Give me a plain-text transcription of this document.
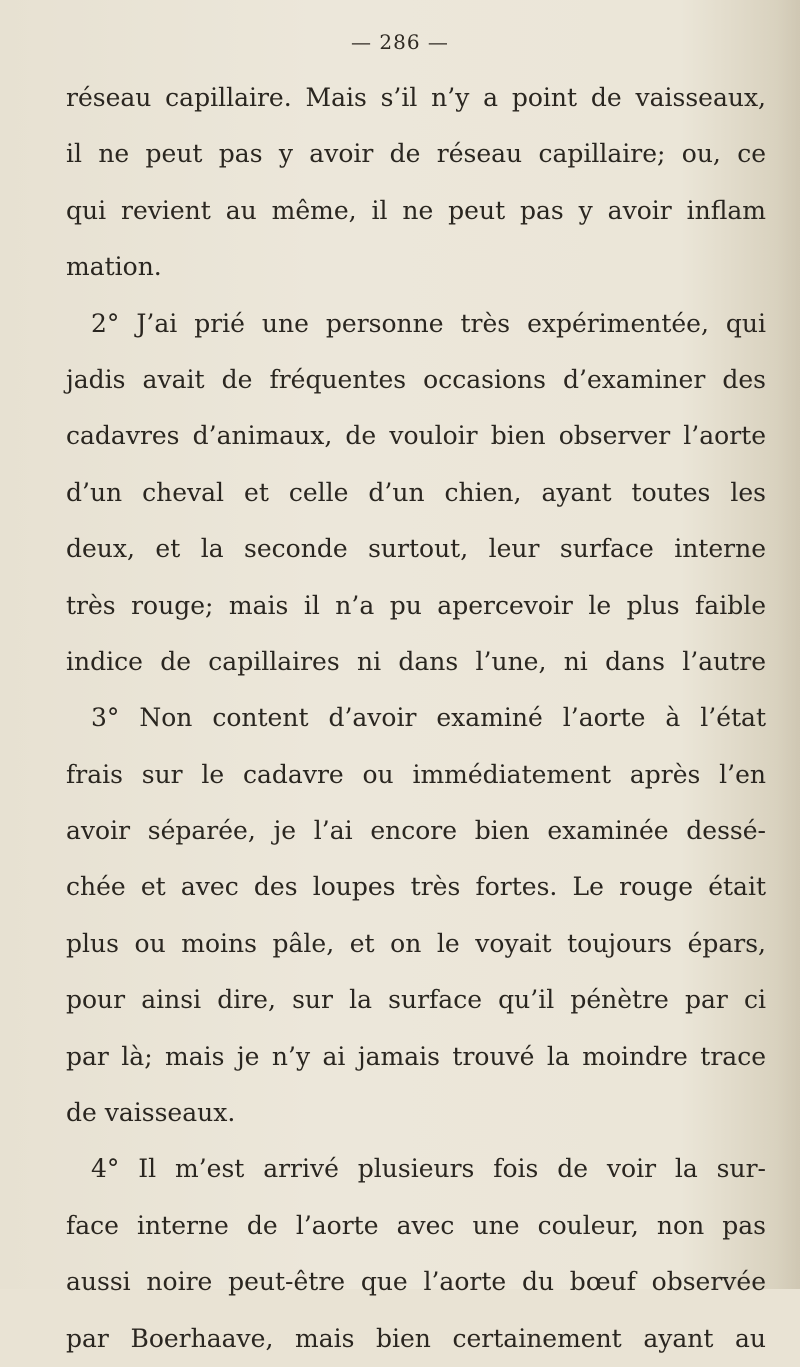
— 286 —
réseau capillaire. Mais s’il n’y a point de vaisseaux,
il ne peut pas y avoir de réseau capillaire; ou, ce
qui revient au même, il ne peut pas y avoir inflam
mation.
2° J’ai prié une personne très expérimentée, qui
jadis avait de fréquentes occasions d’examiner des
cadavres d’animaux, de vouloir bien observer l’aorte
d’un cheval et celle d’un chien, ayant toutes les
deux, et la seconde surtout, leur surface interne
très rouge; mais il n’a pu apercevoir le plus faible
indice de capillaires ni dans l’une, ni dans l’autre
3° Non content d’avoir examiné l’aorte à l’état
frais sur le cadavre ou immédiatement après l’en
avoir séparée, je l’ai encore bien examinée dessé-
chée et avec des loupes très fortes. Le rouge était
plus ou moins pâle, et on le voyait toujours épars,
pour ainsi dire, sur la surface qu’il pénètre par ci
par là; mais je n’y ai jamais trouvé la moindre trace
de vaisseaux.
4° Il m’est arrivé plusieurs fois de voir la sur-
face interne de l’aorte avec une couleur, non pas
aussi noire peut-être que l’aorte du bœuf observée
par Boerhaave, mais bien certainement ayant au
